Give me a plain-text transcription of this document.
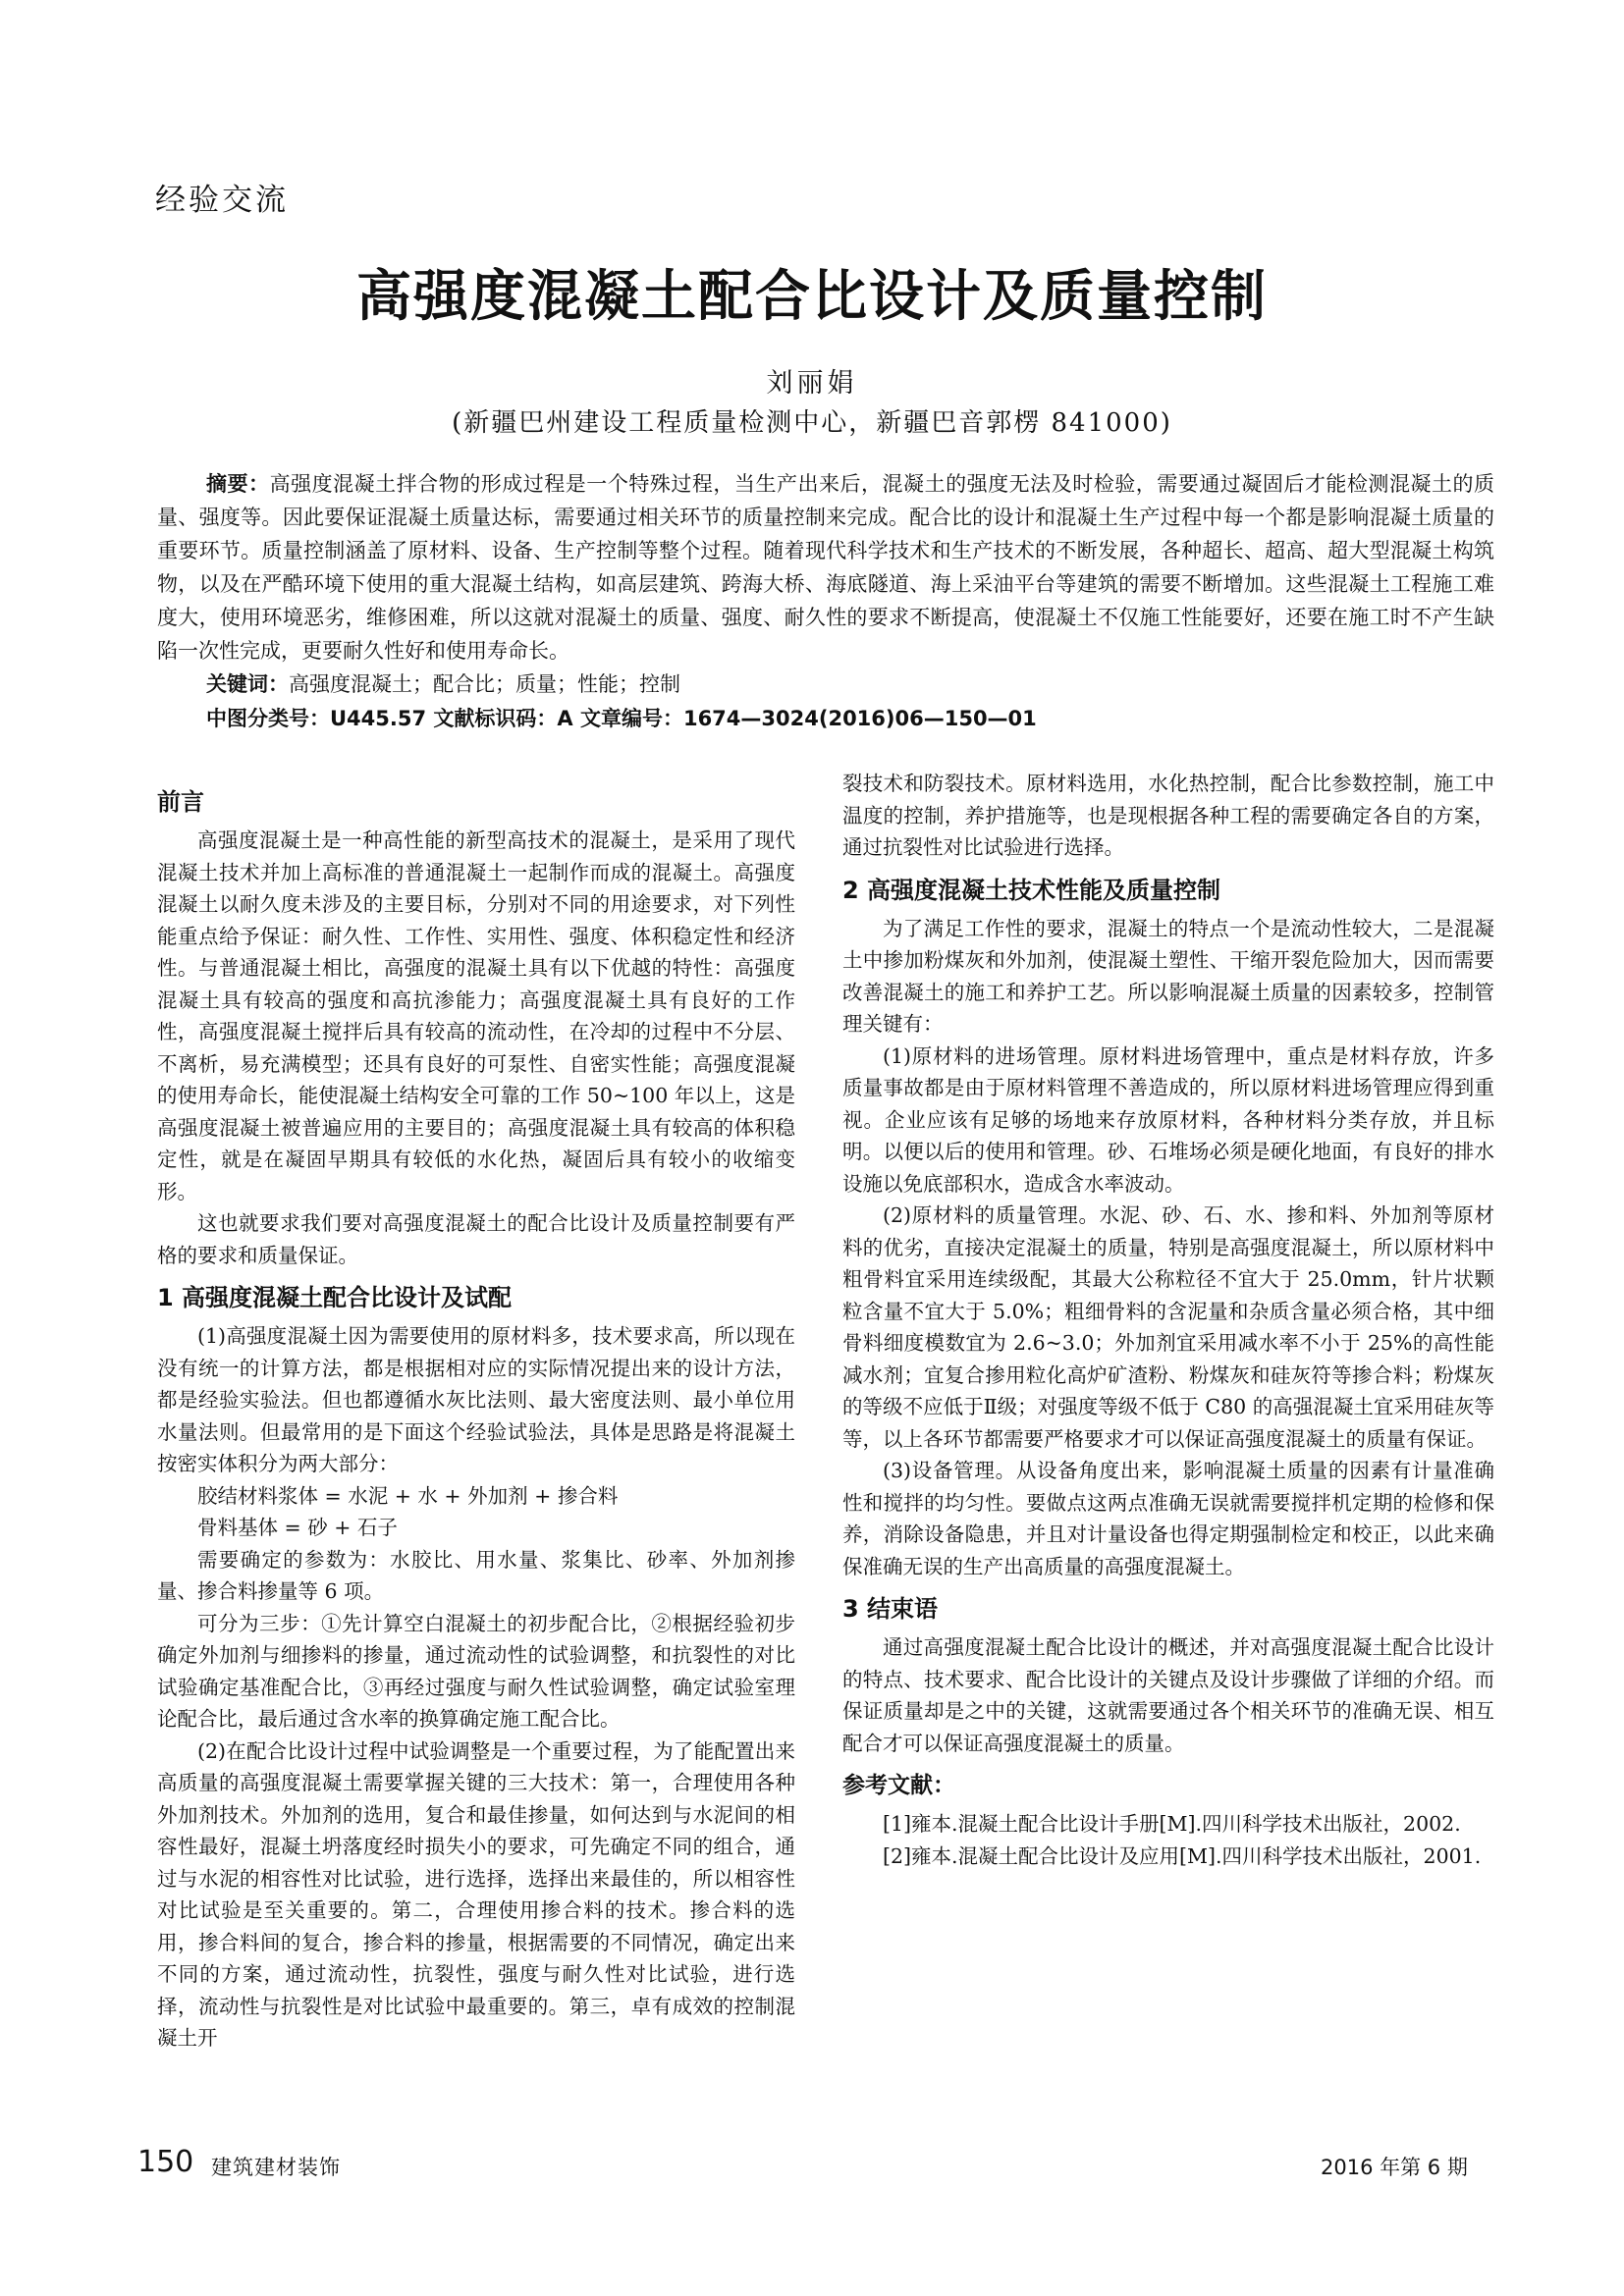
经验交流
高强度混凝土配合比设计及质量控制
刘丽娟
(新疆巴州建设工程质量检测中心，新疆巴音郭楞 841000)
摘要：高强度混凝土拌合物的形成过程是一个特殊过程，当生产出来后，混凝土的强度无法及时检验，需要通过凝固后才能检测混凝土的质量、强度等。因此要保证混凝土质量达标，需要通过相关环节的质量控制来完成。配合比的设计和混凝土生产过程中每一个都是影响混凝土质量的重要环节。质量控制涵盖了原材料、设备、生产控制等整个过程。随着现代科学技术和生产技术的不断发展，各种超长、超高、超大型混凝土构筑物，以及在严酷环境下使用的重大混凝土结构，如高层建筑、跨海大桥、海底隧道、海上采油平台等建筑的需要不断增加。这些混凝土工程施工难度大，使用环境恶劣，维修困难，所以这就对混凝土的质量、强度、耐久性的要求不断提高，使混凝土不仅施工性能要好，还要在施工时不产生缺陷一次性完成，更要耐久性好和使用寿命长。
关键词：高强度混凝土；配合比；质量；性能；控制
中图分类号：U445.57 文献标识码：A 文章编号：1674—3024(2016)06—150—01
前言

高强度混凝土是一种高性能的新型高技术的混凝土，是采用了现代混凝土技术并加上高标准的普通混凝土一起制作而成的混凝土。高强度混凝土以耐久度未涉及的主要目标，分别对不同的用途要求，对下列性能重点给予保证：耐久性、工作性、实用性、强度、体积稳定性和经济性。与普通混凝土相比，高强度的混凝土具有以下优越的特性：高强度混凝土具有较高的强度和高抗渗能力；高强度混凝土具有良好的工作性，高强度混凝土搅拌后具有较高的流动性，在冷却的过程中不分层、不离析，易充满模型；还具有良好的可泵性、自密实性能；高强度混凝的使用寿命长，能使混凝土结构安全可靠的工作 50~100 年以上，这是高强度混凝土被普遍应用的主要目的；高强度混凝土具有较高的体积稳定性，就是在凝固早期具有较低的水化热，凝固后具有较小的收缩变形。

这也就要求我们要对高强度混凝土的配合比设计及质量控制要有严格的要求和质量保证。

1 高强度混凝土配合比设计及试配

(1)高强度混凝土因为需要使用的原材料多，技术要求高，所以现在没有统一的计算方法，都是根据相对应的实际情况提出来的设计方法，都是经验实验法。但也都遵循水灰比法则、最大密度法则、最小单位用水量法则。但最常用的是下面这个经验试验法，具体是思路是将混凝土按密实体积分为两大部分：

胶结材料浆体 = 水泥 + 水 + 外加剂 + 掺合料

骨料基体 = 砂 + 石子

需要确定的参数为：水胶比、用水量、浆集比、砂率、外加剂掺量、掺合料掺量等 6 项。

可分为三步：①先计算空白混凝土的初步配合比，②根据经验初步确定外加剂与细掺料的掺量，通过流动性的试验调整，和抗裂性的对比试验确定基准配合比，③再经过强度与耐久性试验调整，确定试验室理论配合比，最后通过含水率的换算确定施工配合比。

(2)在配合比设计过程中试验调整是一个重要过程，为了能配置出来高质量的高强度混凝土需要掌握关键的三大技术：第一，合理使用各种外加剂技术。外加剂的选用，复合和最佳掺量，如何达到与水泥间的相容性最好，混凝土坍落度经时损失小的要求，可先确定不同的组合，通过与水泥的相容性对比试验，进行选择，选择出来最佳的，所以相容性对比试验是至关重要的。第二，合理使用掺合料的技术。掺合料的选用，掺合料间的复合，掺合料的掺量，根据需要的不同情况，确定出来不同的方案，通过流动性，抗裂性，强度与耐久性对比试验，进行选择，流动性与抗裂性是对比试验中最重要的。第三，卓有成效的控制混凝土开

裂技术和防裂技术。原材料选用，水化热控制，配合比参数控制，施工中温度的控制，养护措施等，也是现根据各种工程的需要确定各自的方案，通过抗裂性对比试验进行选择。

2 高强度混凝土技术性能及质量控制

为了满足工作性的要求，混凝土的特点一个是流动性较大，二是混凝土中掺加粉煤灰和外加剂，使混凝土塑性、干缩开裂危险加大，因而需要改善混凝土的施工和养护工艺。所以影响混凝土质量的因素较多，控制管理关键有：

(1)原材料的进场管理。原材料进场管理中，重点是材料存放，许多质量事故都是由于原材料管理不善造成的，所以原材料进场管理应得到重视。企业应该有足够的场地来存放原材料，各种材料分类存放，并且标明。以便以后的使用和管理。砂、石堆场必须是硬化地面，有良好的排水设施以免底部积水，造成含水率波动。

(2)原材料的质量管理。水泥、砂、石、水、掺和料、外加剂等原材料的优劣，直接决定混凝土的质量，特别是高强度混凝土，所以原材料中粗骨料宜采用连续级配，其最大公称粒径不宜大于 25.0mm，针片状颗粒含量不宜大于 5.0%；粗细骨料的含泥量和杂质含量必须合格，其中细骨料细度模数宜为 2.6~3.0；外加剂宜采用减水率不小于 25%的高性能减水剂；宜复合掺用粒化高炉矿渣粉、粉煤灰和硅灰符等掺合料；粉煤灰的等级不应低于Ⅱ级；对强度等级不低于 C80 的高强混凝土宜采用硅灰等等，以上各环节都需要严格要求才可以保证高强度混凝土的质量有保证。

(3)设备管理。从设备角度出来，影响混凝土质量的因素有计量准确性和搅拌的均匀性。要做点这两点准确无误就需要搅拌机定期的检修和保养，消除设备隐患，并且对计量设备也得定期强制检定和校正，以此来确保准确无误的生产出高质量的高强度混凝土。

3 结束语

通过高强度混凝土配合比设计的概述，并对高强度混凝土配合比设计的特点、技术要求、配合比设计的关键点及设计步骤做了详细的介绍。而保证质量却是之中的关键，这就需要通过各个相关环节的准确无误、相互配合才可以保证高强度混凝土的质量。

参考文献：

[1]雍本.混凝土配合比设计手册[M].四川科学技术出版社，2002.

[2]雍本.混凝土配合比设计及应用[M].四川科学技术出版社，2001.

150 建筑建材装饰	2016 年第 6 期
